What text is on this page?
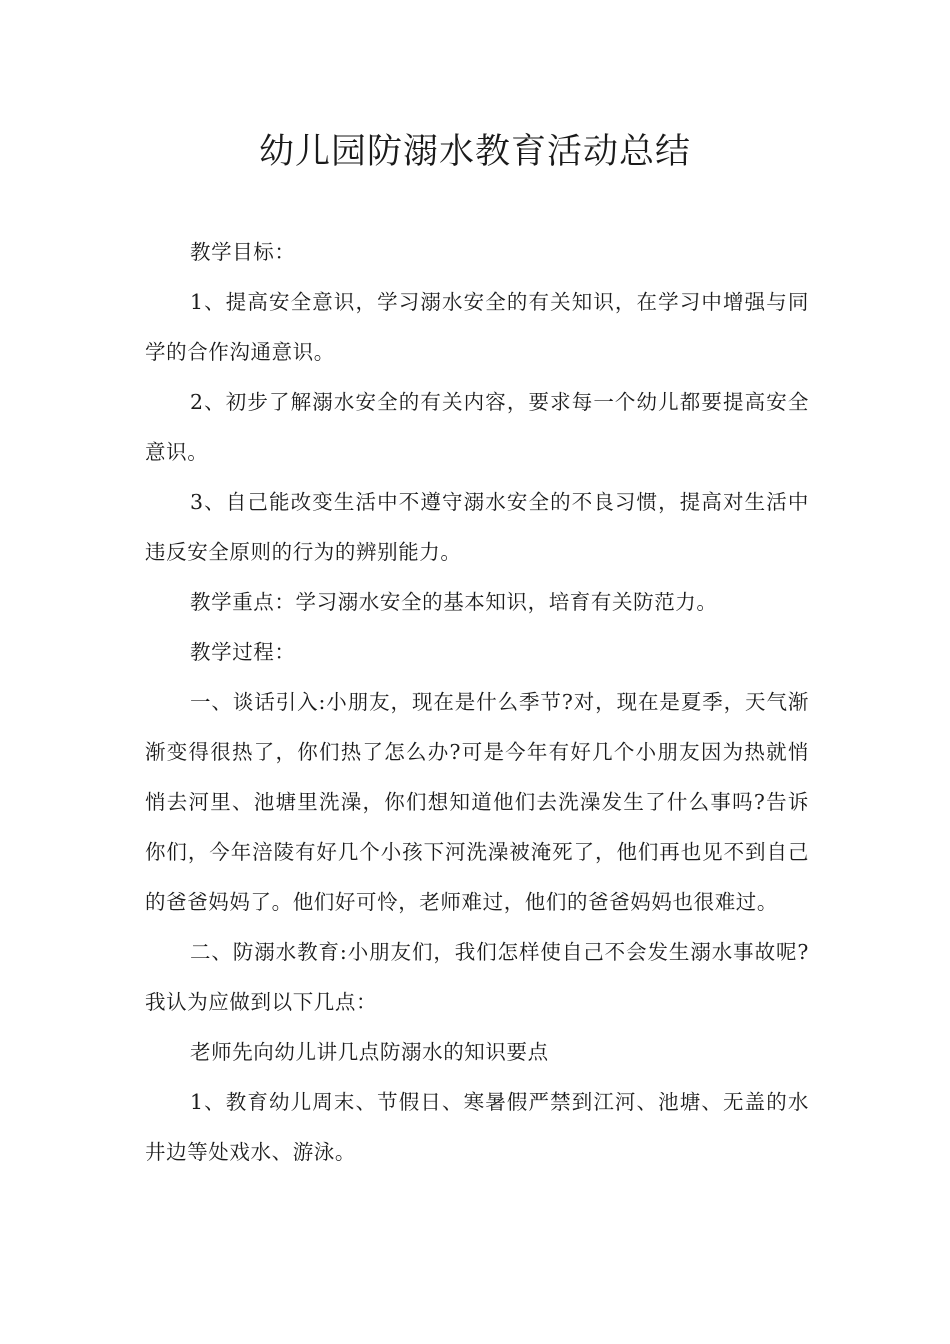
幼儿园防溺水教育活动总结

教学目标：

1、提高安全意识，学习溺水安全的有关知识，在学习中增强与同学的合作沟通意识。

2、初步了解溺水安全的有关内容，要求每一个幼儿都要提高安全意识。

3、自己能改变生活中不遵守溺水安全的不良习惯，提高对生活中违反安全原则的行为的辨别能力。

教学重点：学习溺水安全的基本知识，培育有关防范力。

教学过程：

一、谈话引入:小朋友，现在是什么季节?对，现在是夏季，天气渐渐变得很热了，你们热了怎么办?可是今年有好几个小朋友因为热就悄悄去河里、池塘里洗澡，你们想知道他们去洗澡发生了什么事吗?告诉你们，今年涪陵有好几个小孩下河洗澡被淹死了，他们再也见不到自己的爸爸妈妈了。他们好可怜，老师难过，他们的爸爸妈妈也很难过。

二、防溺水教育:小朋友们，我们怎样使自己不会发生溺水事故呢?我认为应做到以下几点：

老师先向幼儿讲几点防溺水的知识要点

1、教育幼儿周末、节假日、寒暑假严禁到江河、池塘、无盖的水井边等处戏水、游泳。
